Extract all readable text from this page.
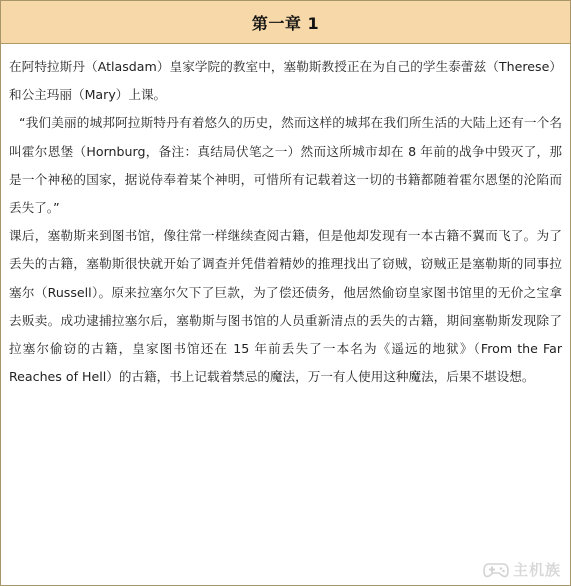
第一章 1

在阿特拉斯丹（Atlasdam）皇家学院的教室中，塞勒斯教授正在为自己的学生泰蕾兹（Therese）和公主玛丽（Mary）上课。

“我们美丽的城邦阿拉斯特丹有着悠久的历史，然而这样的城邦在我们所生活的大陆上还有一个名叫霍尔恩堡（Hornburg，备注：真结局伏笔之一）然而这所城市却在 8 年前的战争中毁灭了，那是一个神秘的国家，据说侍奉着某个神明，可惜所有记载着这一切的书籍都随着霍尔恩堡的沦陷而丢失了。”

课后，塞勒斯来到图书馆，像往常一样继续查阅古籍，但是他却发现有一本古籍不翼而飞了。为了丢失的古籍，塞勒斯很快就开始了调查并凭借着精妙的推理找出了窃贼，窃贼正是塞勒斯的同事拉塞尔（Russell）。原来拉塞尔欠下了巨款，为了偿还债务，他居然偷窃皇家图书馆里的无价之宝拿去贩卖。成功逮捕拉塞尔后，塞勒斯与图书馆的人员重新清点的丢失的古籍，期间塞勒斯发现除了拉塞尔偷窃的古籍，皇家图书馆还在 15 年前丢失了一本名为《遥远的地狱》（From the Far Reaches of Hell）的古籍，书上记载着禁忌的魔法，万一有人使用这种魔法，后果不堪设想。

主机族
